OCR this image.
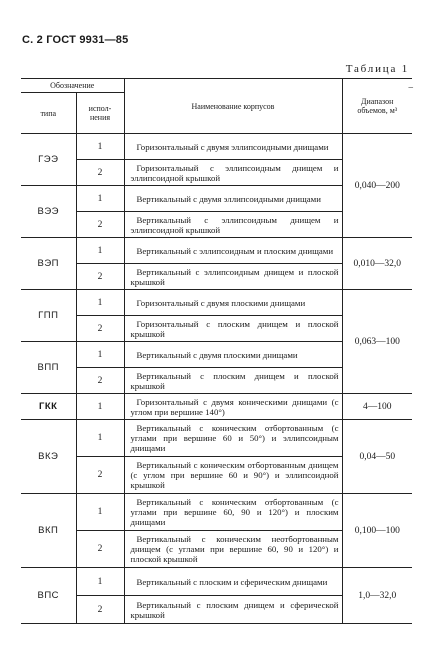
С. 2 ГОСТ 9931—85
Таблица 1
–
Обозначение		Наименование корпусов	Диапазон
объемов, м³
типа	испол-
нения		
ГЭЭ	1	Горизонтальный с двумя эллипсоидными днищами	0,040—200
	2	Горизонтальный с эллипсоидным днищем и эллипсоидной крышкой	
ВЭЭ	1	Вертикальный с двумя эллипсоидными днищами	
	2	Вертикальный с эллипсоидным днищем и эллипсоидной крышкой	
ВЭП	1	Вертикальный с эллипсоидным и плоским днищами	0,010—32,0
	2	Вертикальный с эллипсоидным днищем и плоской крышкой	
ГПП	1	Горизонтальный с двумя плоскими днищами	0,063—100
	2	Горизонтальный с плоским днищем и плоской крышкой	
ВПП	1	Вертикальный с двумя плоскими днищами	
	2	Вертикальный с плоским днищем и плоской крышкой	
ГКК	1	Горизонтальный с двумя коническими днищами (с углом при вершине 140°)	4—100
ВКЭ	1	Вертикальный с коническим отбортованным (с углами при вершине 60 и 50°) и эллипсоидным днищами	0,04—50
	2	Вертикальный с коническим отбортованным днищем (с углом при вершине 60 и 90°) и эллипсоидной крышкой	
ВКП	1	Вертикальный с коническим отбортованным (с углами при вершине 60, 90 и 120°) и плоским днищами	0,100—100
	2	Вертикальный с коническим неотбортованным днищем (с углами при вершине 60, 90 и 120°) и плоской крышкой	
ВПС	1	Вертикальный с плоским и сферическим днищами	1,0—32,0
	2	Вертикальный с плоским днищем и сферической крышкой	
